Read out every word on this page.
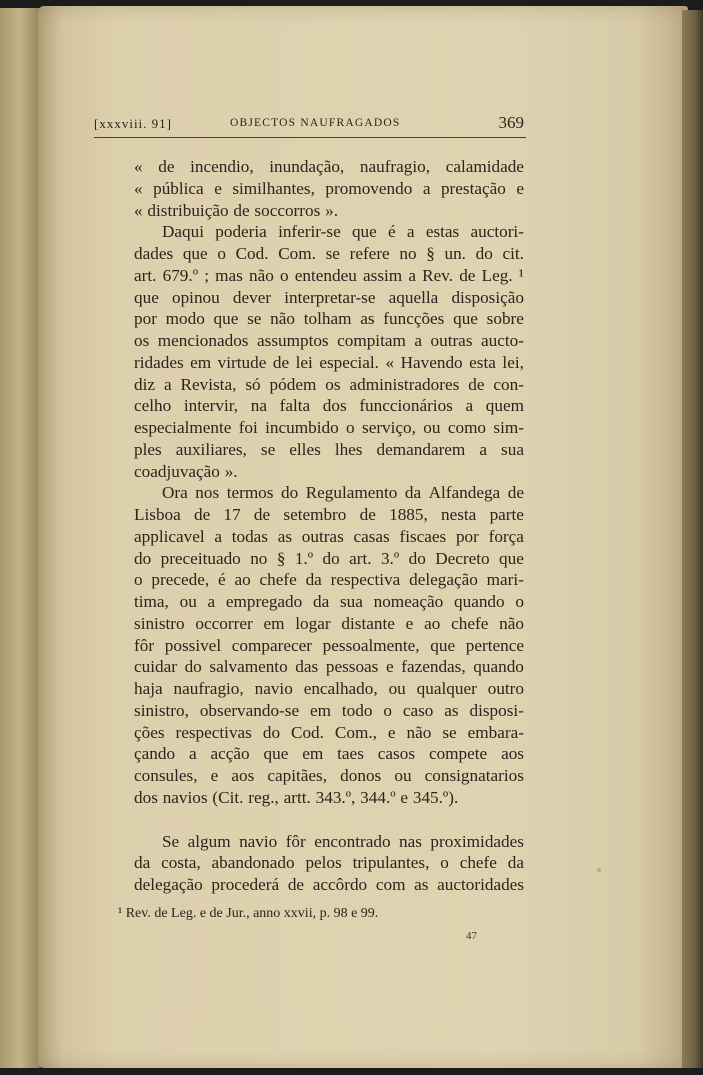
[xxxviii. 91]	OBJECTOS NAUFRAGADOS	369
« de incendio, inundação, naufragio, calamidade
« pública e similhantes, promovendo a prestação e
« distribuição de soccorros ».
Daqui poderia inferir-se que é a estas auctori-
dades que o Cod. Com. se refere no § un. do cit.
art. 679.º ; mas não o entendeu assim a Rev. de Leg. ¹
que opinou dever interpretar-se aquella disposição
por modo que se não tolham as funcções que sobre
os mencionados assumptos compitam a outras aucto-
ridades em virtude de lei especial. « Havendo esta lei,
diz a Revista, só pódem os administradores de con-
celho intervir, na falta dos funccionários a quem
especialmente foi incumbido o serviço, ou como sim-
ples auxiliares, se elles lhes demandarem a sua
coadjuvação ».
Ora nos termos do Regulamento da Alfandega de
Lisboa de 17 de setembro de 1885, nesta parte
applicavel a todas as outras casas fiscaes por força
do preceituado no § 1.º do art. 3.º do Decreto que
o precede, é ao chefe da respectiva delegação mari-
tima, ou a empregado da sua nomeação quando o
sinistro occorrer em logar distante e ao chefe não
fôr possivel comparecer pessoalmente, que pertence
cuidar do salvamento das pessoas e fazendas, quando
haja naufragio, navio encalhado, ou qualquer outro
sinistro, observando-se em todo o caso as disposi-
ções respectivas do Cod. Com., e não se embara-
çando a acção que em taes casos compete aos
consules, e aos capitães, donos ou consignatarios
dos navios (Cit. reg., artt. 343.º, 344.º e 345.º).
Se algum navio fôr encontrado nas proximidades
da costa, abandonado pelos tripulantes, o chefe da
delegação procederá de accôrdo com as auctoridades
¹ Rev. de Leg. e de Jur., anno xxvii, p. 98 e 99.
47
